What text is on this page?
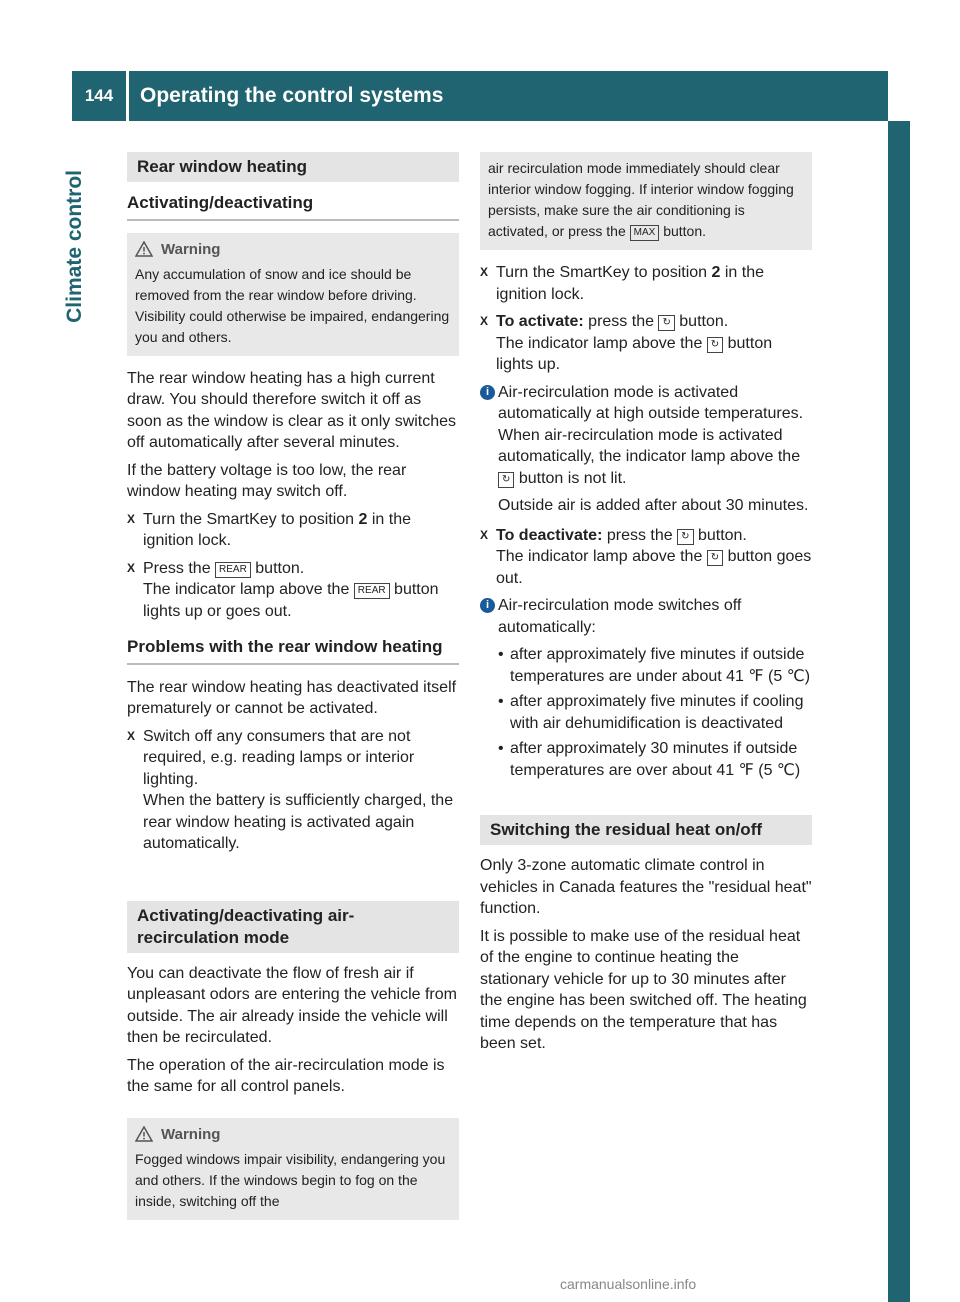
144	Operating the control systems
Climate control
Rear window heating
Activating/deactivating
Warning
Any accumulation of snow and ice should be removed from the rear window before driving. Visibility could otherwise be impaired, endangering you and others.

The rear window heating has a high current draw. You should therefore switch it off as soon as the window is clear as it only switches off automatically after several minutes.

If the battery voltage is too low, the rear window heating may switch off.

X Turn the SmartKey to position 2 in the ignition lock.
X Press the REAR button.
The indicator lamp above the REAR button lights up or goes out.
Problems with the rear window heating

The rear window heating has deactivated itself prematurely or cannot be activated.

X Switch off any consumers that are not required, e.g. reading lamps or interior lighting.
When the battery is sufficiently charged, the rear window heating is activated again automatically.
Activating/deactivating air-recirculation mode

You can deactivate the flow of fresh air if unpleasant odors are entering the vehicle from outside. The air already inside the vehicle will then be recirculated.

The operation of the air-recirculation mode is the same for all control panels.

Warning
Fogged windows impair visibility, endangering you and others. If the windows begin to fog on the inside, switching off the
air recirculation mode immediately should clear interior window fogging. If interior window fogging persists, make sure the air conditioning is activated, or press the MAX button.
X Turn the SmartKey to position 2 in the ignition lock.
X To activate: press the ↻ button.
The indicator lamp above the ↻ button lights up.
i Air-recirculation mode is activated automatically at high outside temperatures. When air-recirculation mode is activated automatically, the indicator lamp above the ↻ button is not lit.

Outside air is added after about 30 minutes.

X To deactivate: press the ↻ button.
The indicator lamp above the ↻ button goes out.
i Air-recirculation mode switches off automatically:

• after approximately five minutes if outside temperatures are under about 41 ℉ (5 ℃)
• after approximately five minutes if cooling with air dehumidification is deactivated
• after approximately 30 minutes if outside temperatures are over about 41 ℉ (5 ℃)
Switching the residual heat on/off

Only 3-zone automatic climate control in vehicles in Canada features the "residual heat" function.

It is possible to make use of the residual heat of the engine to continue heating the stationary vehicle for up to 30 minutes after the engine has been switched off. The heating time depends on the temperature that has been set.

carmanualsonline.info
